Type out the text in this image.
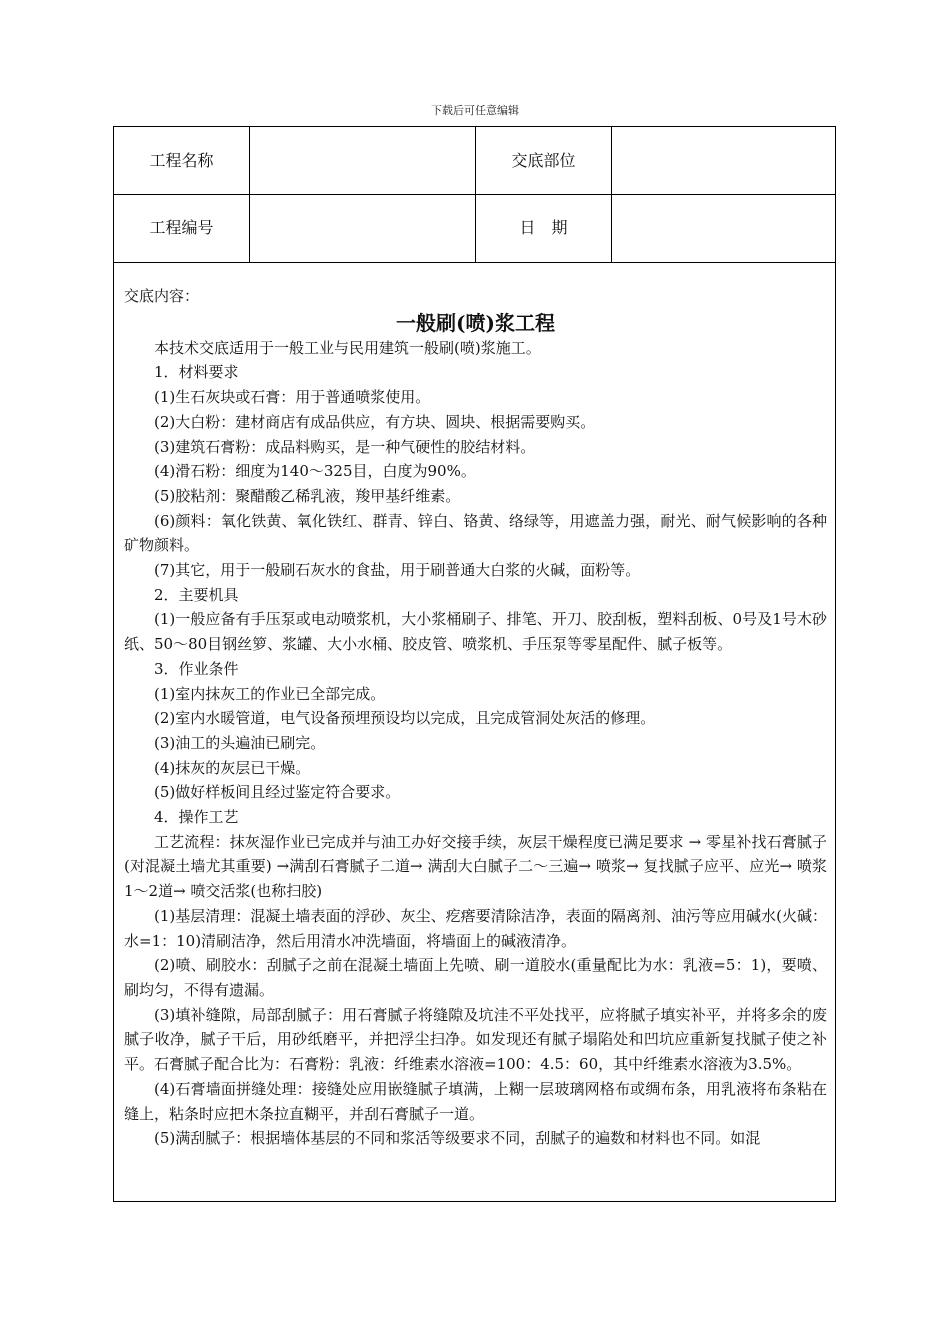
下载后可任意编辑
工程名称	交底部位
工程编号	日　期
交底内容：
一般刷(喷)浆工程

本技术交底适用于一般工业与民用建筑一般刷(喷)浆施工。

1．材料要求

(1)生石灰块或石膏：用于普通喷浆使用。

(2)大白粉：建材商店有成品供应，有方块、圆块、根据需要购买。

(3)建筑石膏粉：成品料购买，是一种气硬性的胶结材料。

(4)滑石粉：细度为140～325目，白度为90%。

(5)胶粘剂：聚醋酸乙稀乳液，羧甲基纤维素。

(6)颜料：氧化铁黄、氧化铁红、群青、锌白、铬黄、络绿等，用遮盖力强，耐光、耐气候影响的各种矿物颜料。

(7)其它，用于一般刷石灰水的食盐，用于刷普通大白浆的火碱，面粉等。

2．主要机具

(1)一般应备有手压泵或电动喷浆机，大小浆桶刷子、排笔、开刀、胶刮板，塑料刮板、0号及1号木砂纸、50～80目钢丝箩、浆罐、大小水桶、胶皮管、喷浆机、手压泵等零星配件、腻子板等。

3．作业条件

(1)室内抹灰工的作业已全部完成。

(2)室内水暖管道，电气设备预埋预设均以完成，且完成管洞处灰活的修理。

(3)油工的头遍油已刷完。

(4)抹灰的灰层已干燥。

(5)做好样板间且经过鉴定符合要求。

4．操作工艺

工艺流程：抹灰湿作业已完成并与油工办好交接手续，灰层干燥程度已满足要求 → 零星补找石膏腻子(对混凝土墙尤其重要) →满刮石膏腻子二道→ 满刮大白腻子二～三遍→ 喷浆→ 复找腻子应平、应光→ 喷浆1～2道→ 喷交活浆(也称扫胶)

(1)基层清理：混凝土墙表面的浮砂、灰尘、疙瘩要清除洁净，表面的隔离剂、油污等应用碱水(火碱：水=1：10)清刷洁净，然后用清水冲洗墙面，将墙面上的碱液清净。

(2)喷、刷胶水：刮腻子之前在混凝土墙面上先喷、刷一道胶水(重量配比为水：乳液=5：1)，要喷、刷均匀，不得有遗漏。

(3)填补缝隙，局部刮腻子：用石膏腻子将缝隙及坑洼不平处找平，应将腻子填实补平，并将多余的废腻子收净，腻子干后，用砂纸磨平，并把浮尘扫净。如发现还有腻子塌陷处和凹坑应重新复找腻子使之补平。石膏腻子配合比为：石膏粉：乳液：纤维素水溶液=100：4.5：60，其中纤维素水溶液为3.5%。

(4)石膏墙面拼缝处理：接缝处应用嵌缝腻子填满，上糊一层玻璃网格布或绸布条，用乳液将布条粘在缝上，粘条时应把木条拉直糊平，并刮石膏腻子一道。

(5)满刮腻子：根据墙体基层的不同和浆活等级要求不同，刮腻子的遍数和材料也不同。如混
